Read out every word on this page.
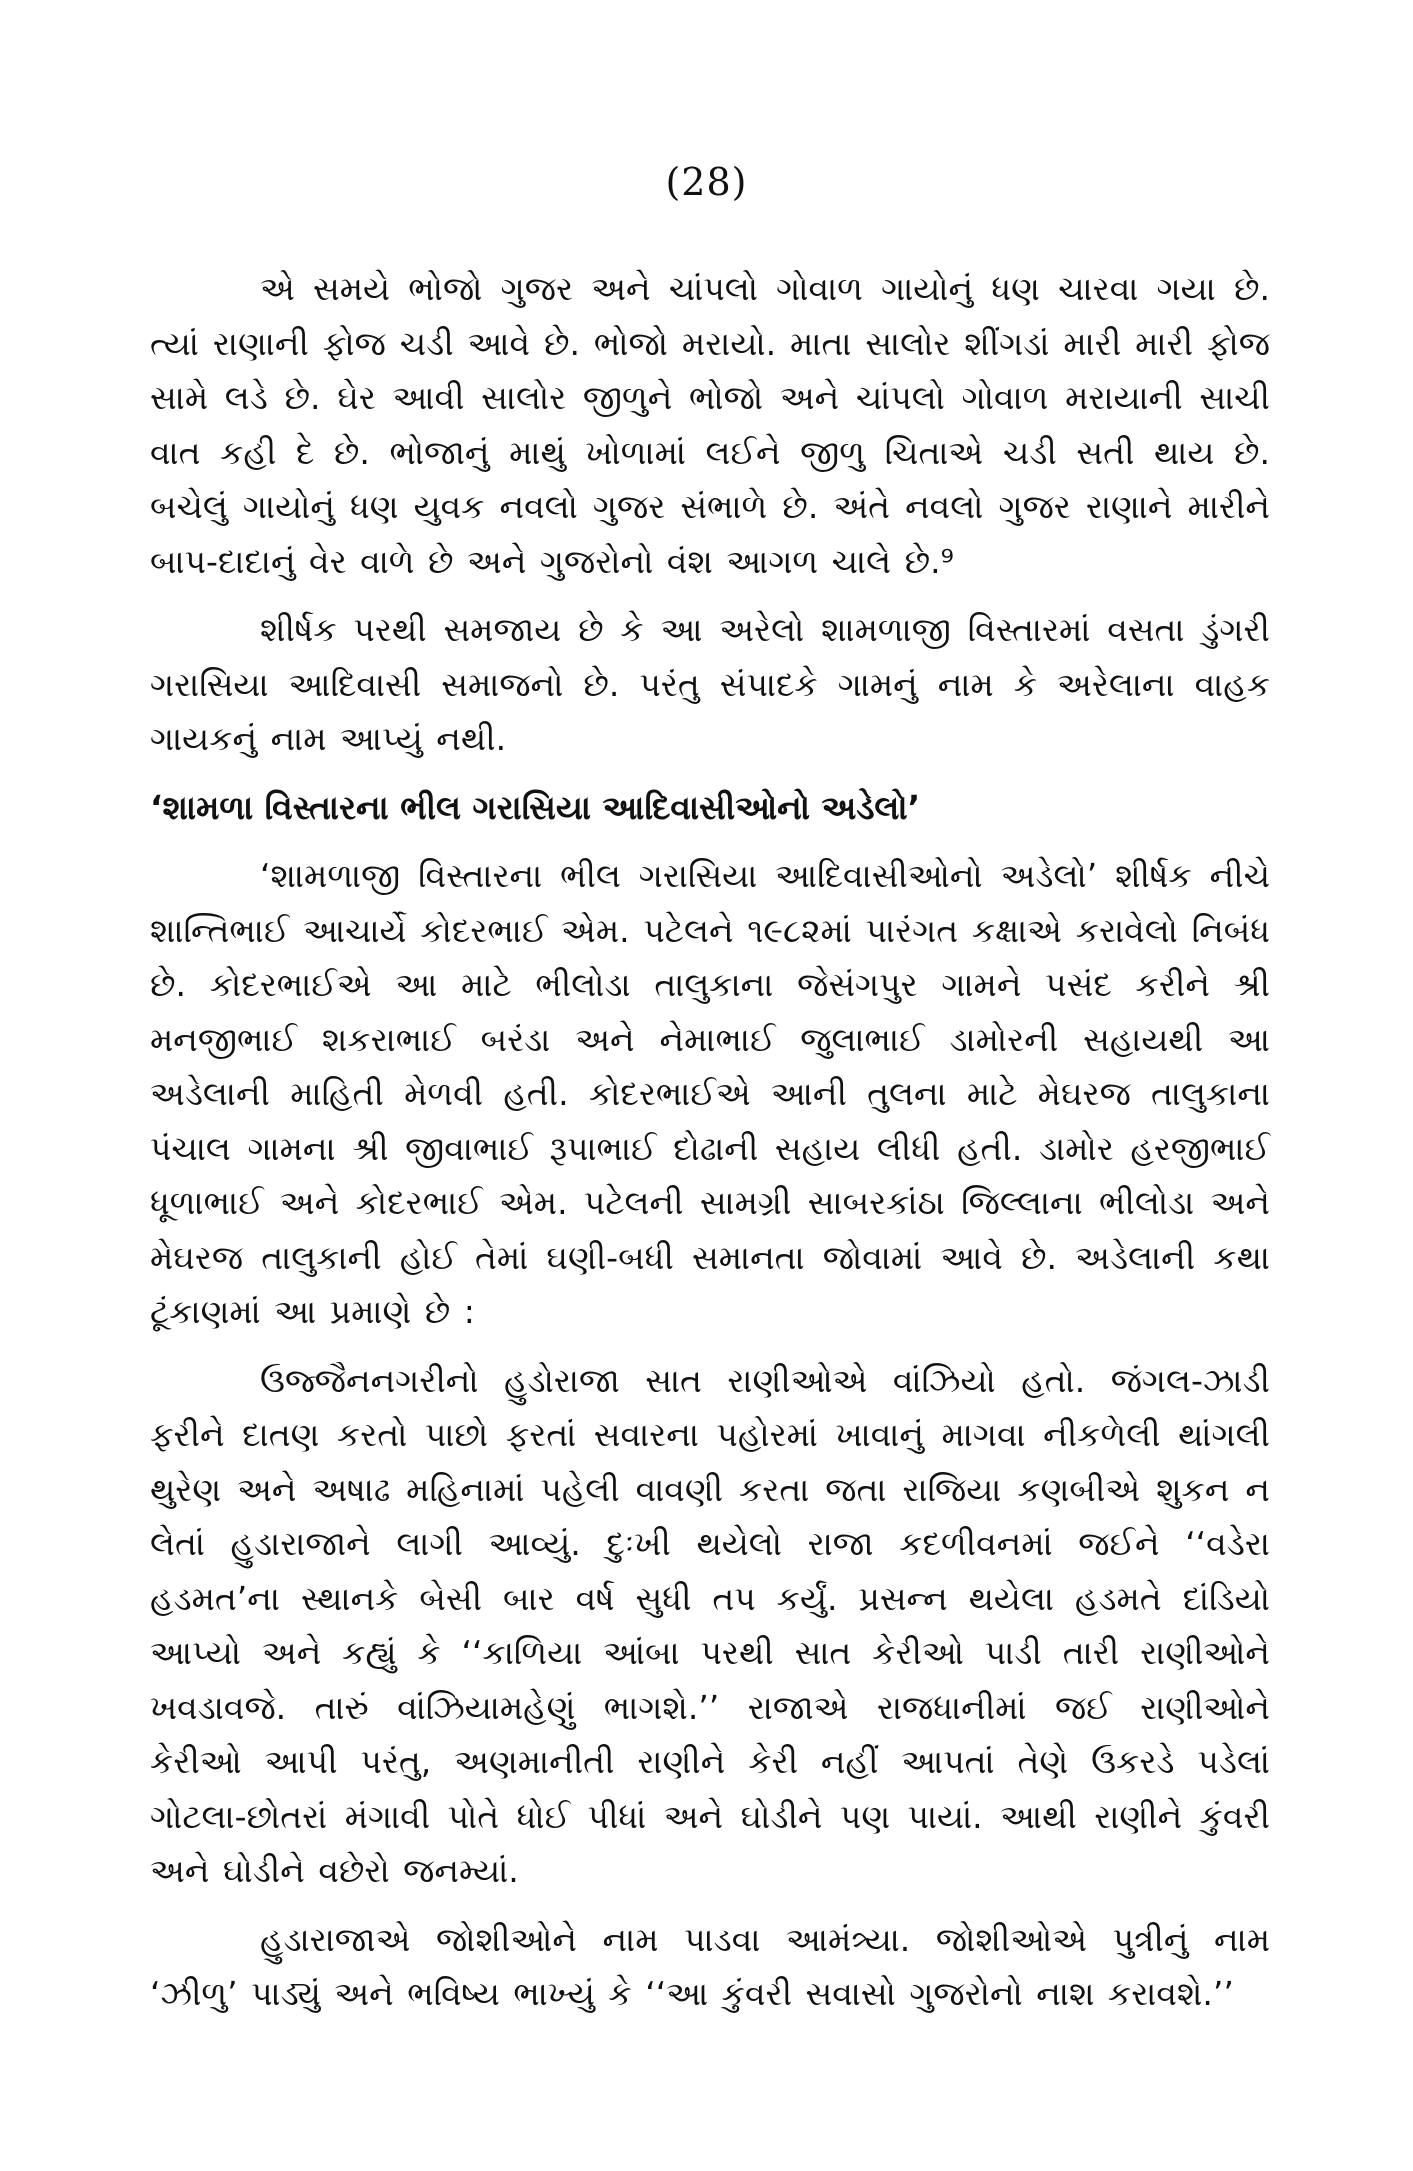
(28)

એ સમયે ભોજો ગુજર અને ચાંપલો ગોવાળ ગાયોનું ધણ ચારવા ગયા છે. ત્યાં રાણાની ફોજ ચડી આવે છે. ભોજો મરાયો. માતા સાલોર શીંગડાં મારી મારી ફોજ સામે લડે છે. ઘેર આવી સાલોર જીળુને ભોજો અને ચાંપલો ગોવાળ મરાયાની સાચી વાત કહી દે છે. ભોજાનું માથું ખોળામાં લઈને જીળુ ચિતાએ ચડી સતી થાય છે. બચેલું ગાયોનું ધણ યુવક નવલો ગુજર સંભાળે છે. અંતે નવલો ગુજર રાણાને મારીને બાપ-દાદાનું વેર વાળે છે અને ગુજરોનો વંશ આગળ ચાલે છે.⁹

શીર્ષક પરથી સમજાય છે કે આ અરેલો શામળાજી વિસ્તારમાં વસતા ડુંગરી ગરાસિયા આદિવાસી સમાજનો છે. પરંતુ સંપાદકે ગામનું નામ કે અરેલાના વાહક ગાયકનું નામ આપ્યું નથી.

‘શામળા વિસ્તારના ભીલ ગરાસિયા આદિવાસીઓનો અડેલો’

‘શામળાજી વિસ્તારના ભીલ ગરાસિયા આદિવાસીઓનો અડેલો’ શીર્ષક નીચે શાન્તિભાઈ આચાર્યે કોદરભાઈ એમ. પટેલને ૧૯૮૨માં પારંગત કક્ષાએ કરાવેલો નિબંધ છે. કોદરભાઈએ આ માટે ભીલોડા તાલુકાના જેસંગપુર ગામને પસંદ કરીને શ્રી મનજીભાઈ શકરાભાઈ બરંડા અને નેમાભાઈ જુલાભાઈ ડામોરની સહાયથી આ અડેલાની માહિતી મેળવી હતી. કોદરભાઈએ આની તુલના માટે મેઘરજ તાલુકાના પંચાલ ગામના શ્રી જીવાભાઈ રૂપાભાઈ દોઢાની સહાય લીધી હતી. ડામોર હરજીભાઈ ધૂળાભાઈ અને કોદરભાઈ એમ. પટેલની સામગ્રી સાબરકાંઠા જિલ્લાના ભીલોડા અને મેઘરજ તાલુકાની હોઈ તેમાં ઘણી-બધી સમાનતા જોવામાં આવે છે. અડેલાની કથા ટૂંકાણમાં આ પ્રમાણે છે :

ઉજ્જૈનનગરીનો હુડોરાજા સાત રાણીઓએ વાંઝિયો હતો. જંગલ-ઝાડી ફરીને દાતણ કરતો પાછો ફરતાં સવારના પહોરમાં ખાવાનું માગવા નીકળેલી થાંગલી થુરેણ અને અષાઢ મહિનામાં પહેલી વાવણી કરતા જતા રાજિયા કણબીએ શુકન ન લેતાં હુડારાજાને લાગી આવ્યું. દુઃખી થયેલો રાજા કદળીવનમાં જઈને ‘‘વડેરા હડમત’ના સ્થાનકે બેસી બાર વર્ષ સુધી તપ કર્યું. પ્રસન્ન થયેલા હડમતે દાંડિયો આપ્યો અને કહ્યું કે ‘‘કાળિયા આંબા પરથી સાત કેરીઓ પાડી તારી રાણીઓને ખવડાવજે. તારું વાંઝિયામહેણું ભાગશે.’’ રાજાએ રાજધાનીમાં જઈ રાણીઓને કેરીઓ આપી પરંતુ, અણમાનીતી રાણીને કેરી નહીં આપતાં તેણે ઉકરડે પડેલાં ગોટલા-છોતરાં મંગાવી પોતે ધોઈ પીધાં અને ઘોડીને પણ પાયાં. આથી રાણીને કુંવરી અને ઘોડીને વછેરો જનમ્યાં.

હુડારાજાએ જોશીઓને નામ પાડવા આમંત્ર્યા. જોશીઓએ પુત્રીનું નામ ‘ઝીળુ’ પાડ્યું અને ભવિષ્ય ભાખ્યું કે ‘‘આ કુંવરી સવાસો ગુજરોનો નાશ કરાવશે.’’
